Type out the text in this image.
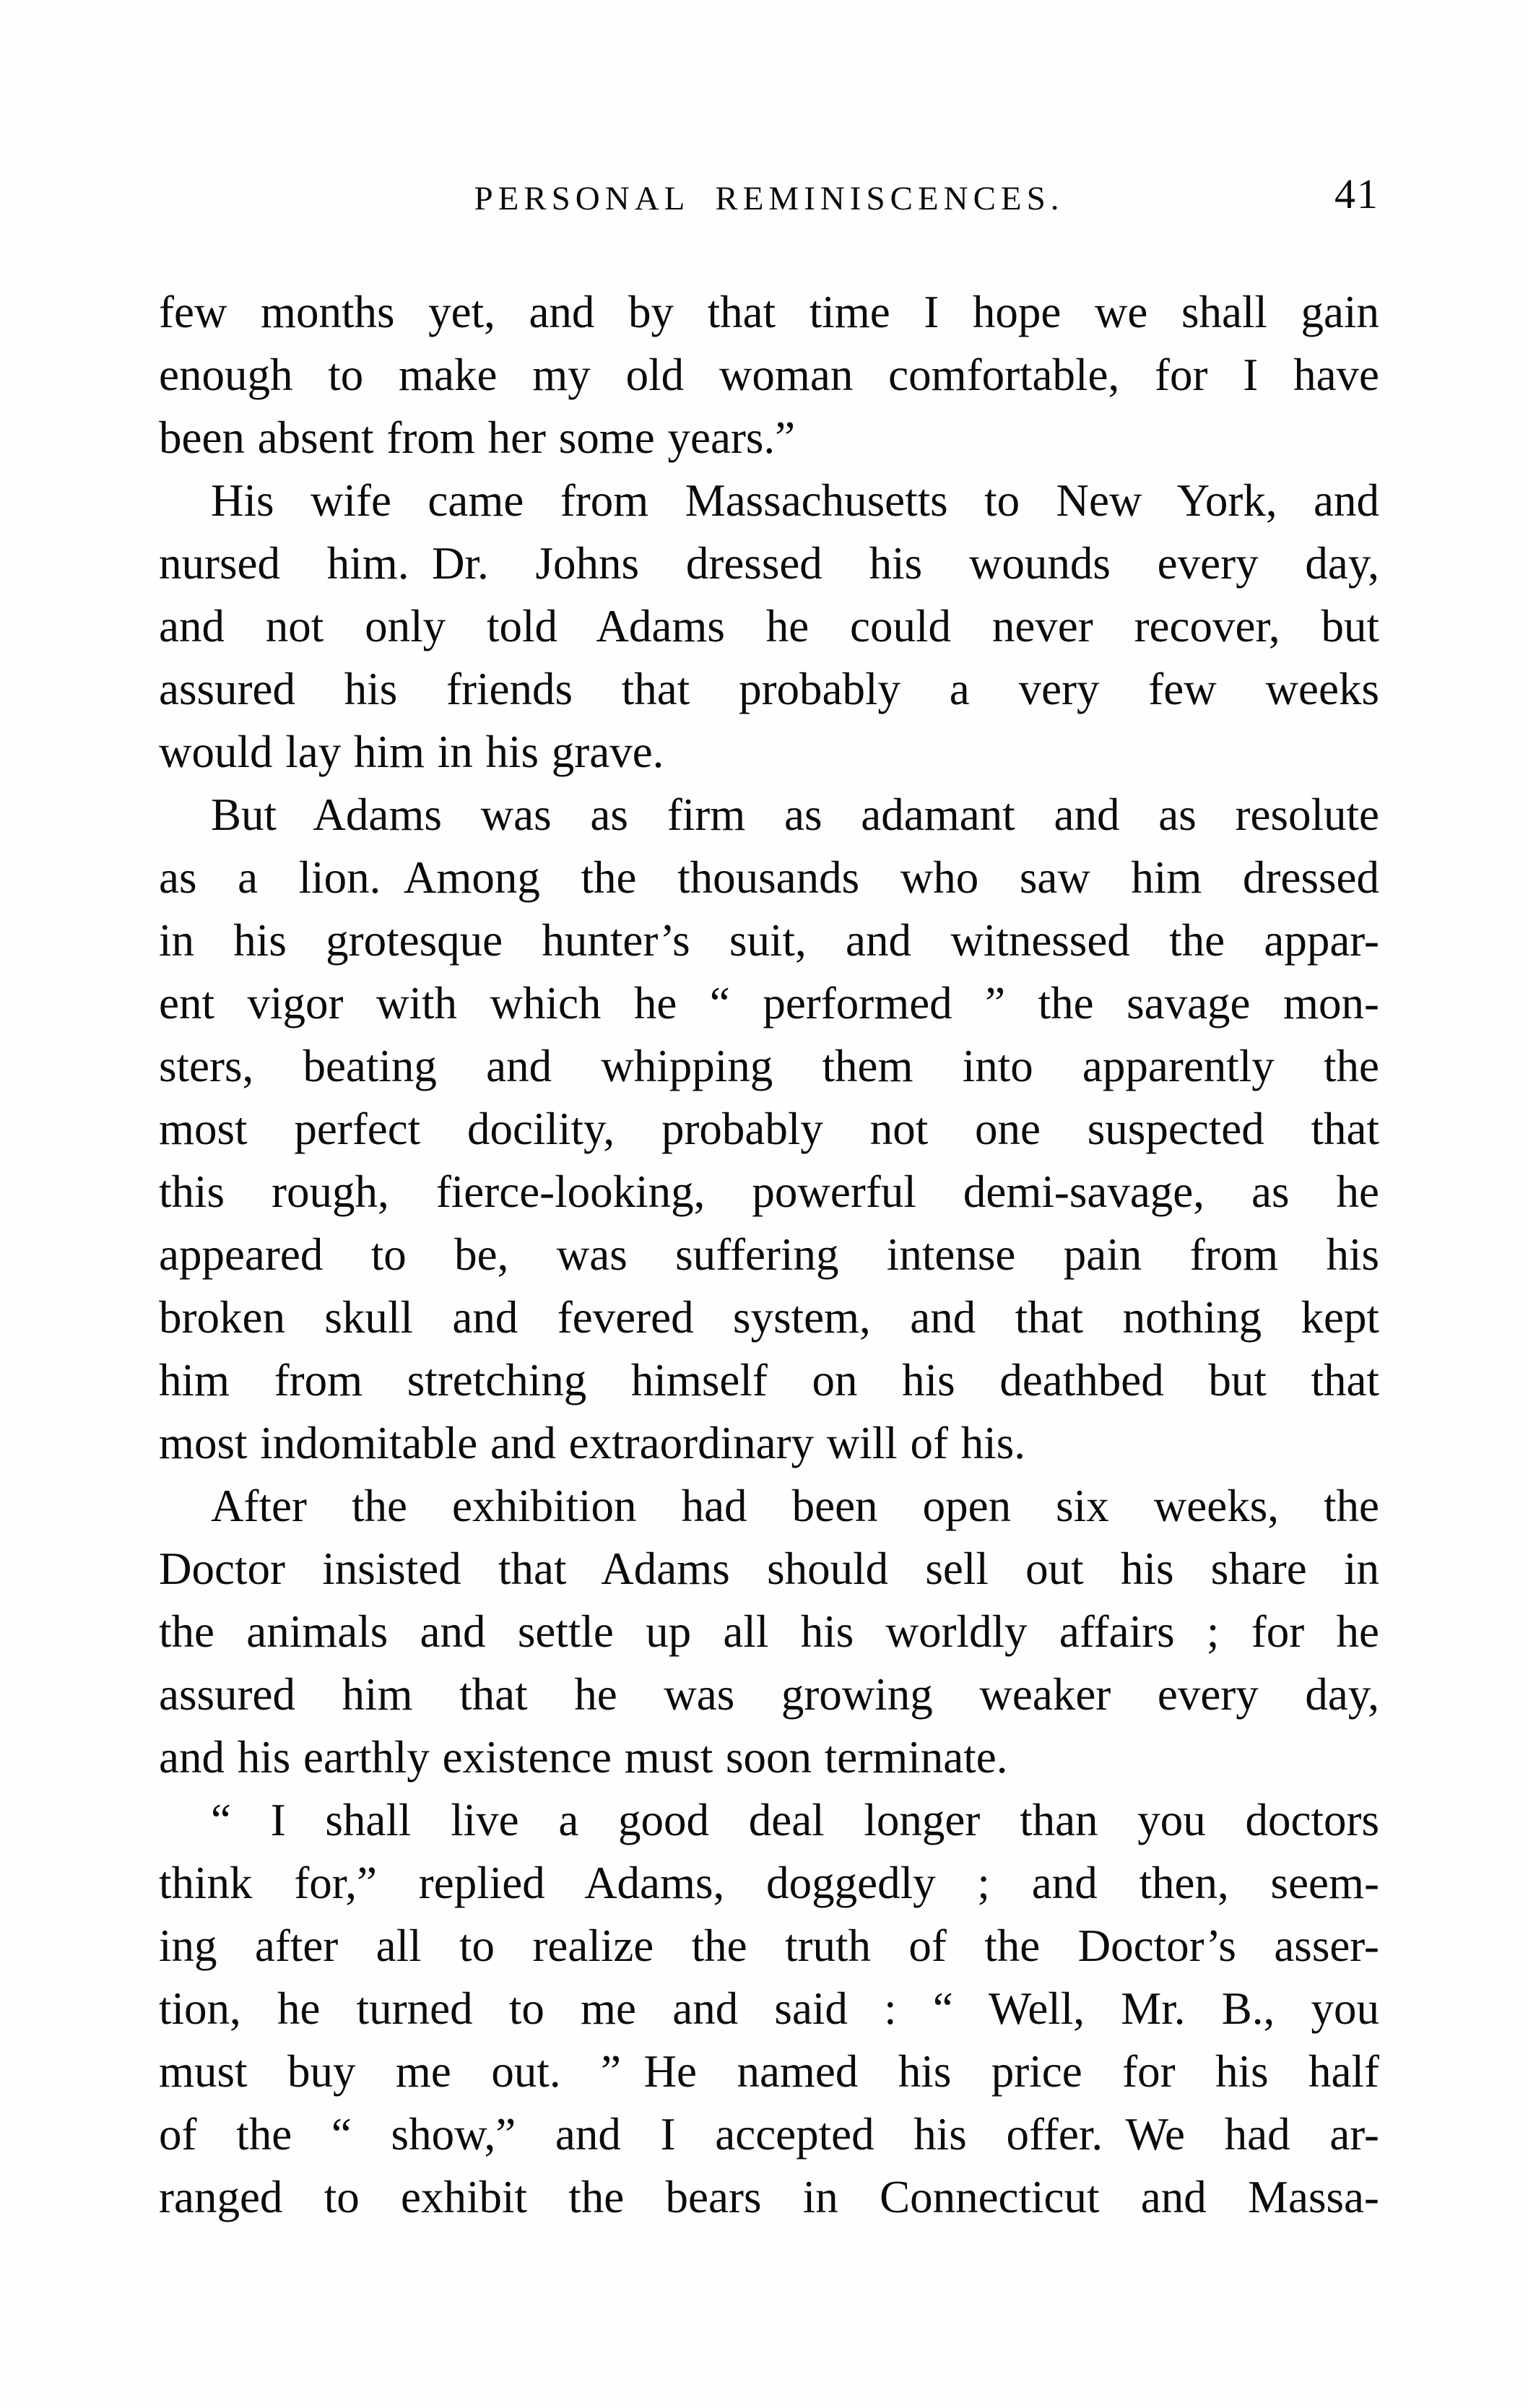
PERSONAL REMINISCENCES.	41
few months yet, and by that time I hope we shall gain
enough to make my old woman comfortable, for I have
been absent from her some years.”
His wife came from Massachusetts to New York, and
nursed him. Dr. Johns dressed his wounds every day,
and not only told Adams he could never recover, but
assured his friends that probably a very few weeks
would lay him in his grave.
But Adams was as firm as adamant and as resolute
as a lion. Among the thousands who saw him dressed
in his grotesque hunter’s suit, and witnessed the appar-
ent vigor with which he “ performed ” the savage mon-
sters, beating and whipping them into apparently the
most perfect docility, probably not one suspected that
this rough, fierce-looking, powerful demi-savage, as he
appeared to be, was suffering intense pain from his
broken skull and fevered system, and that nothing kept
him from stretching himself on his deathbed but that
most indomitable and extraordinary will of his.
After the exhibition had been open six weeks, the
Doctor insisted that Adams should sell out his share in
the animals and settle up all his worldly affairs ; for he
assured him that he was growing weaker every day,
and his earthly existence must soon terminate.
“ I shall live a good deal longer than you doctors
think for,” replied Adams, doggedly ; and then, seem-
ing after all to realize the truth of the Doctor’s asser-
tion, he turned to me and said : “ Well, Mr. B., you
must buy me out. ” He named his price for his half
of the “ show,” and I accepted his offer. We had ar-
ranged to exhibit the bears in Connecticut and Massa-
